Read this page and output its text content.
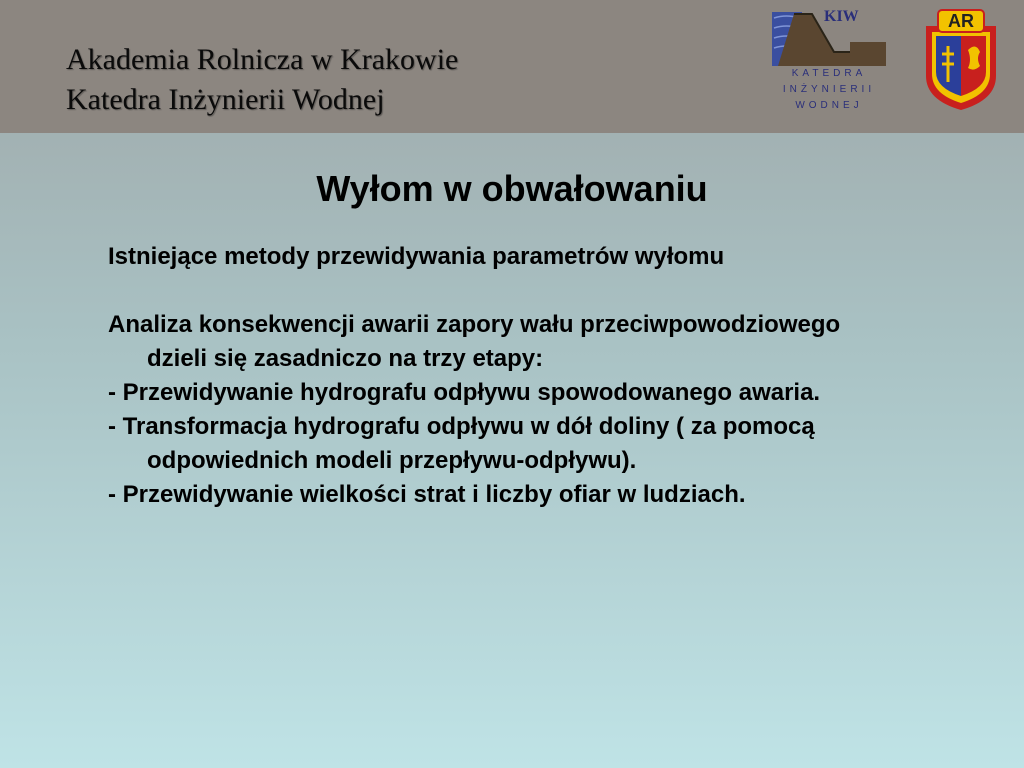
Akademia Rolnicza w Krakowie
Katedra Inżynierii Wodnej
KIW
KATEDRA
INŻYNIERII
WODNEJ
AR
Wyłom w obwałowaniu

Istniejące metody przewidywania parametrów wyłomu

Analiza konsekwencji awarii zapory wału przeciwpowodziowego

dzieli się zasadniczo na trzy etapy:

- Przewidywanie hydrografu odpływu spowodowanego awaria.

- Transformacja hydrografu odpływu w dół doliny ( za pomocą

odpowiednich modeli przepływu-odpływu).

- Przewidywanie wielkości strat i liczby ofiar w ludziach.
